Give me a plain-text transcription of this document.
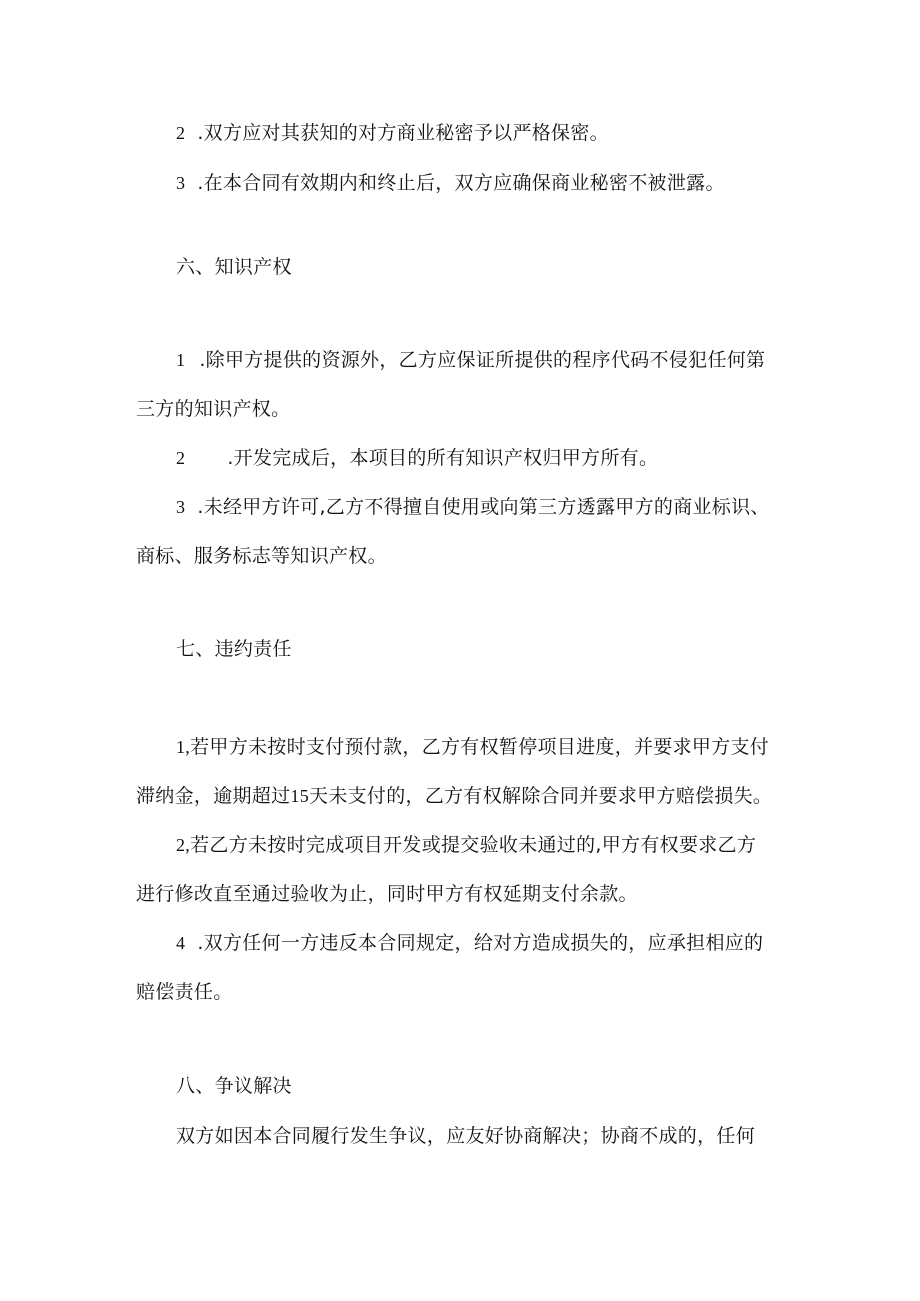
2 .双方应对其获知的对方商业秘密予以严格保密。
3 .在本合同有效期内和终止后，双方应确保商业秘密不被泄露。
六、知识产权
1 .除甲方提供的资源外，乙方应保证所提供的程序代码不侵犯任何第
三方的知识产权。
2 .开发完成后，本项目的所有知识产权归甲方所有。
3 .未经甲方许可,乙方不得擅自使用或向第三方透露甲方的商业标识、
商标、服务标志等知识产权。
七、违约责任
1,若甲方未按时支付预付款，乙方有权暂停项目进度，并要求甲方支付
滞纳金，逾期超过15天未支付的，乙方有权解除合同并要求甲方赔偿损失。
2,若乙方未按时完成项目开发或提交验收未通过的,甲方有权要求乙方
进行修改直至通过验收为止，同时甲方有权延期支付余款。
4 .双方任何一方违反本合同规定，给对方造成损失的，应承担相应的
赔偿责任。
八、争议解决
双方如因本合同履行发生争议，应友好协商解决；协商不成的，任何
